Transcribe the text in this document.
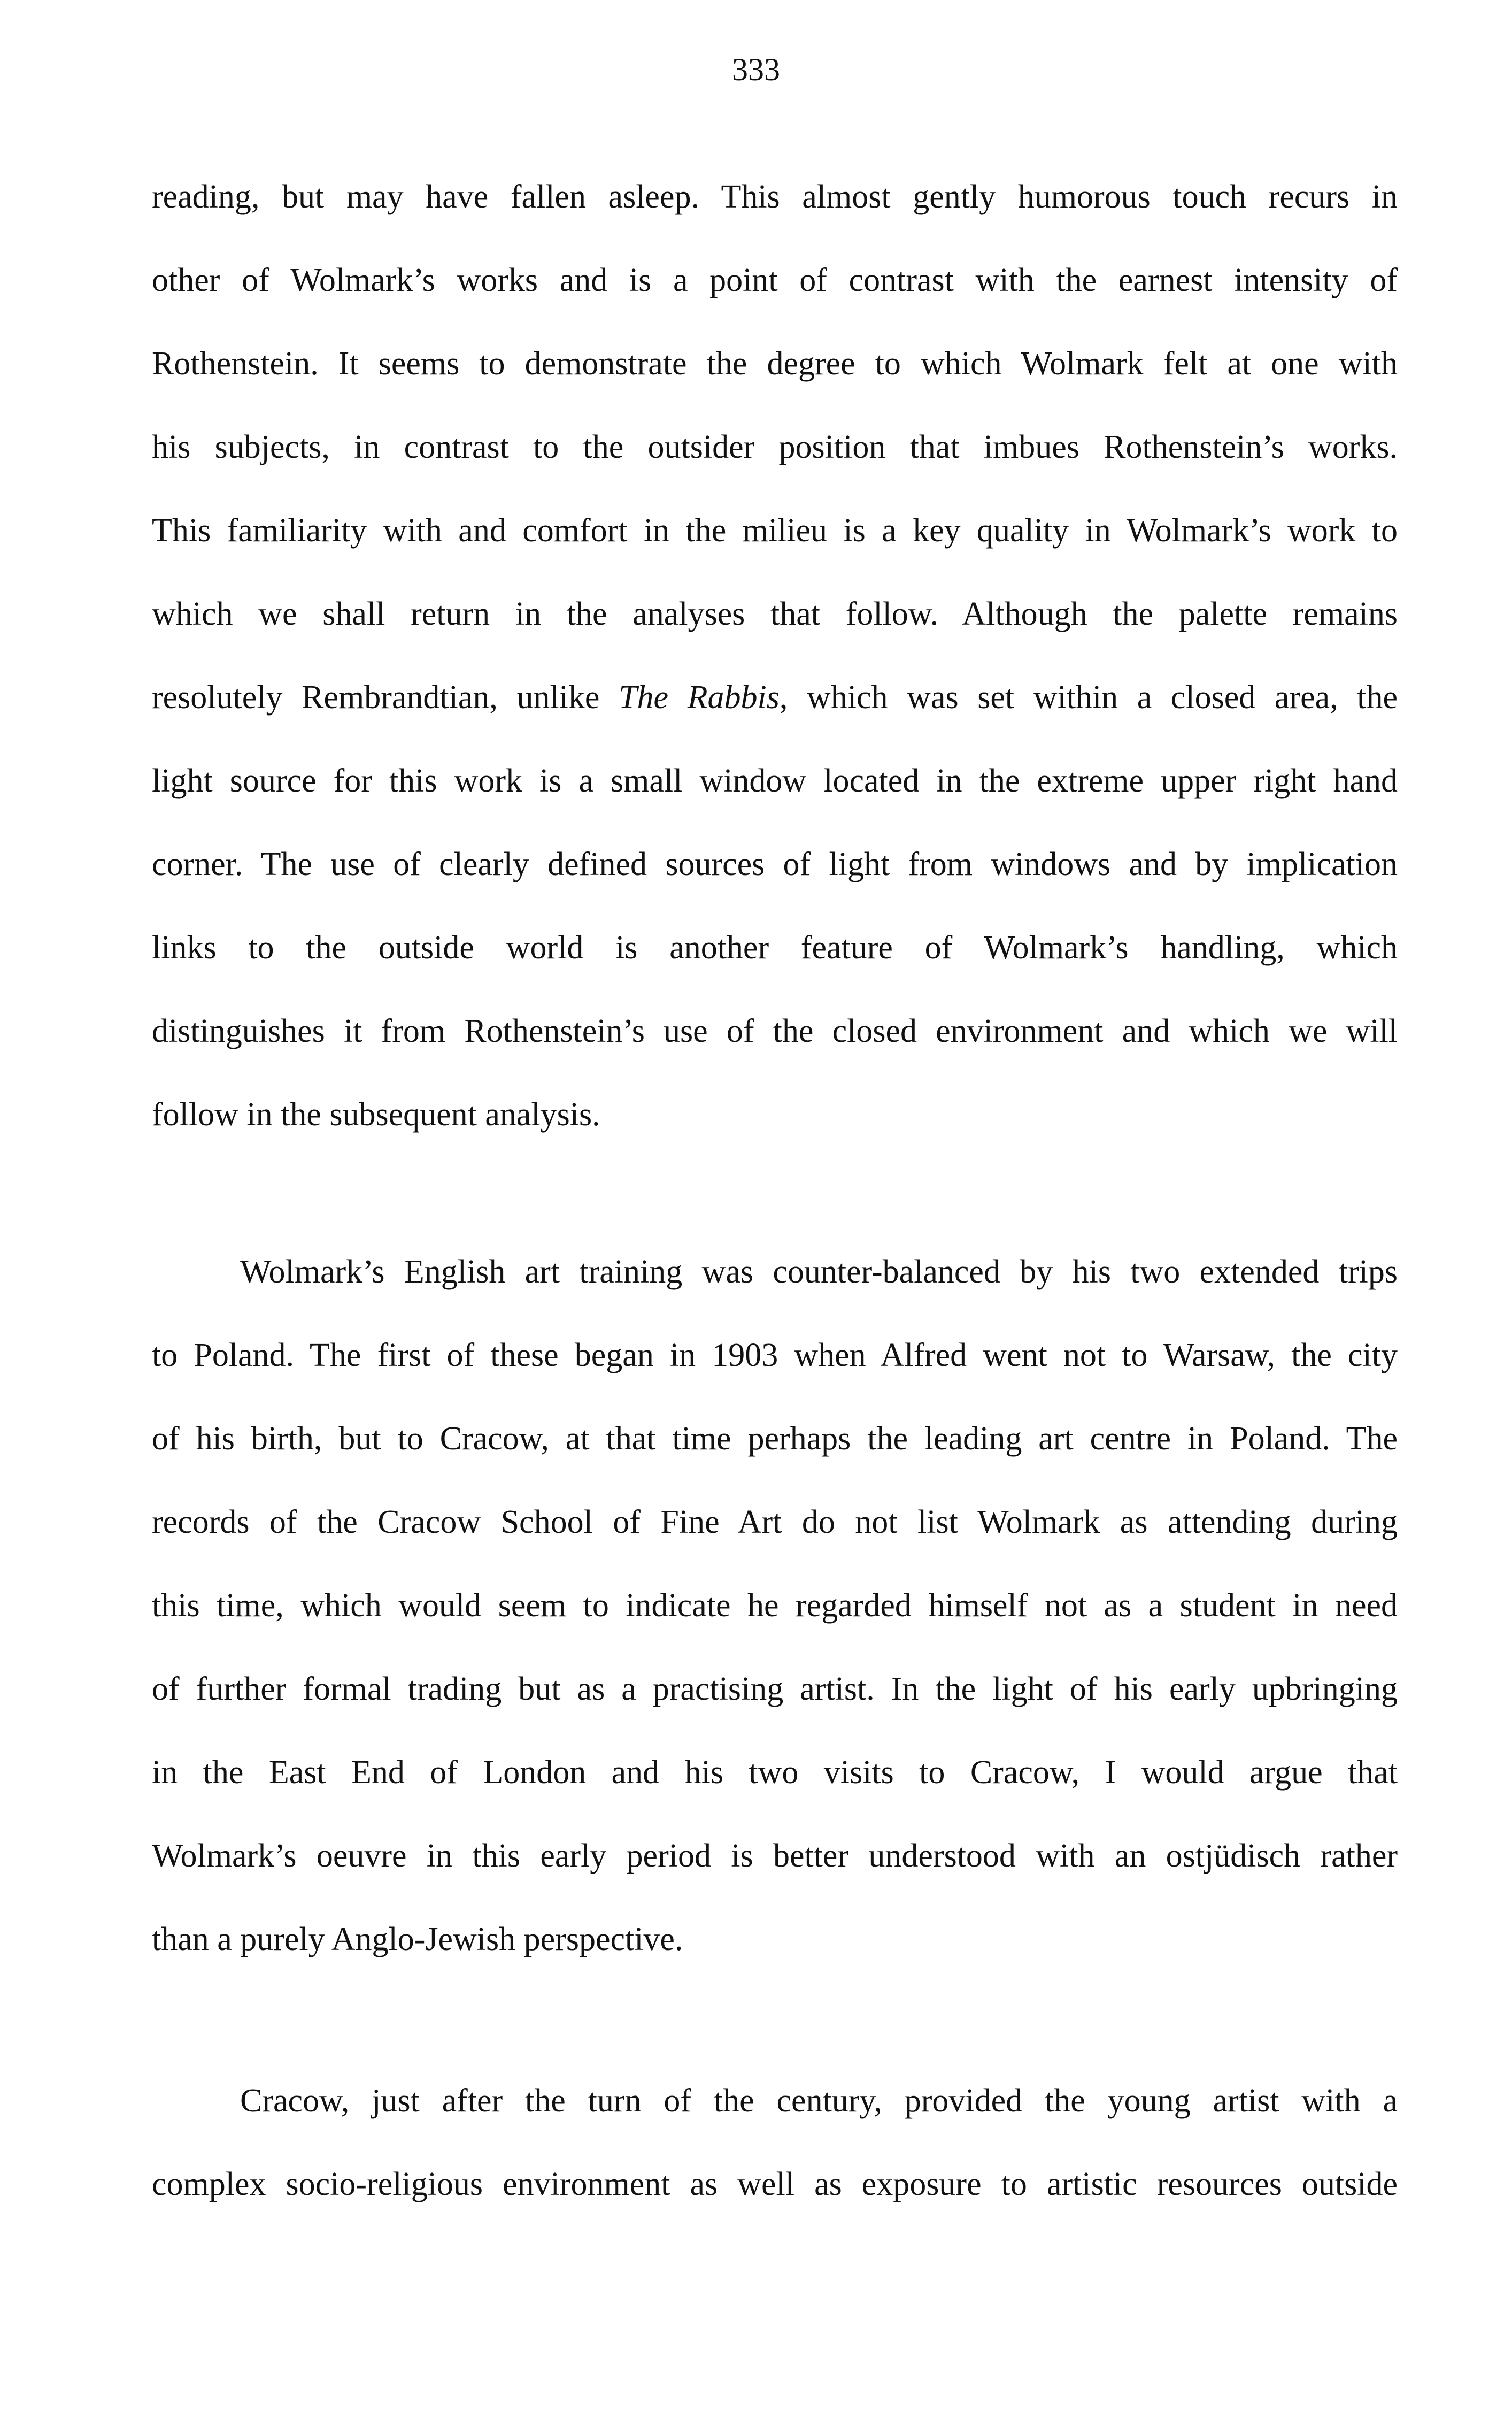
333
reading, but may have fallen asleep. This almost gently humorous touch recurs in
other of Wolmark’s works and is a point of contrast with the earnest intensity of
Rothenstein. It seems to demonstrate the degree to which Wolmark felt at one with
his subjects, in contrast to the outsider position that imbues Rothenstein’s works.
This familiarity with and comfort in the milieu is a key quality in Wolmark’s work to
which we shall return in the analyses that follow. Although the palette remains
resolutely Rembrandtian, unlike The Rabbis, which was set within a closed area, the
light source for this work is a small window located in the extreme upper right hand
corner. The use of clearly defined sources of light from windows and by implication
links to the outside world is another feature of Wolmark’s handling, which
distinguishes it from Rothenstein’s use of the closed environment and which we will
follow in the subsequent analysis.
Wolmark’s English art training was counter-balanced by his two extended trips
to Poland. The first of these began in 1903 when Alfred went not to Warsaw, the city
of his birth, but to Cracow, at that time perhaps the leading art centre in Poland. The
records of the Cracow School of Fine Art do not list Wolmark as attending during
this time, which would seem to indicate he regarded himself not as a student in need
of further formal trading but as a practising artist. In the light of his early upbringing
in the East End of London and his two visits to Cracow, I would argue that
Wolmark’s oeuvre in this early period is better understood with an ostjüdisch rather
than a purely Anglo-Jewish perspective.
Cracow, just after the turn of the century, provided the young artist with a
complex socio-religious environment as well as exposure to artistic resources outside
